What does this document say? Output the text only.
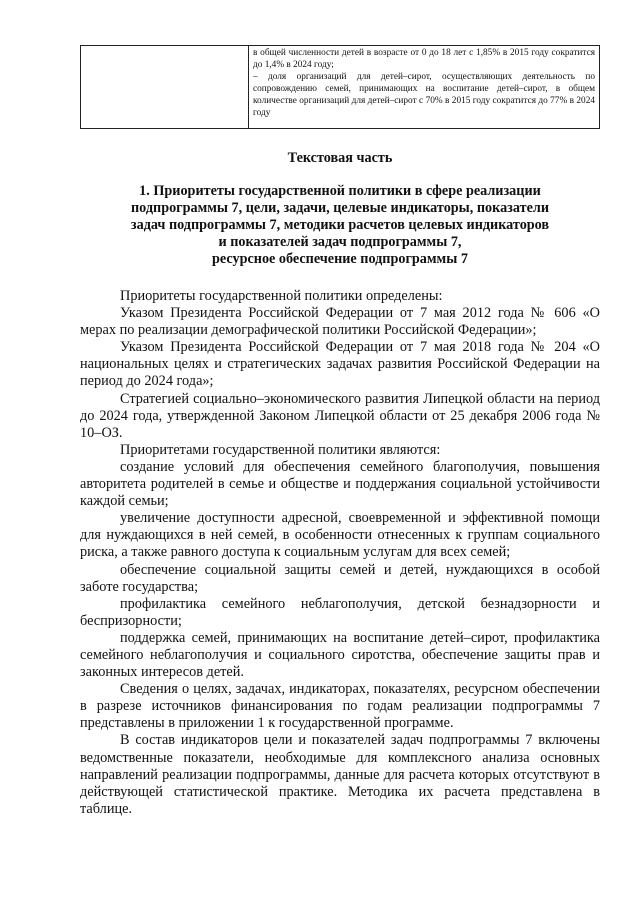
в общей численности детей в возрасте от 0 до 18 лет с 1,85% в 2015 году сократится до 1,4% в 2024 году;
– доля организаций для детей–сирот, осуществляющих деятельность по сопровождению семей, принимающих на воспитание детей–сирот, в общем количестве организаций для детей–сирот с 70% в 2015 году сократится до 77% в 2024 году
Текстовая часть
1. Приоритеты государственной политики в сфере реализации
подпрограммы 7, цели, задачи, целевые индикаторы, показатели
задач подпрограммы 7, методики расчетов целевых индикаторов
и показателей задач подпрограммы 7,
ресурсное обеспечение подпрограммы 7

Приоритеты государственной политики определены:

Указом Президента Российской Федерации от 7 мая 2012 года № 606 «О мерах по реализации демографической политики Российской Федерации»;

Указом Президента Российской Федерации от 7 мая 2018 года № 204 «О национальных целях и стратегических задачах развития Российской Федерации на период до 2024 года»;

Стратегией социально–экономического развития Липецкой области на период до 2024 года, утвержденной Законом Липецкой области от 25 декабря 2006 года № 10–ОЗ.

Приоритетами государственной политики являются:

создание условий для обеспечения семейного благополучия, повышения авторитета родителей в семье и обществе и поддержания социальной устойчивости каждой семьи;

увеличение доступности адресной, своевременной и эффективной помощи для нуждающихся в ней семей, в особенности отнесенных к группам социального риска, а также равного доступа к социальным услугам для всех семей;

обеспечение социальной защиты семей и детей, нуждающихся в особой заботе государства;

профилактика семейного неблагополучия, детской безнадзорности и беспризорности;

поддержка семей, принимающих на воспитание детей–сирот, профилактика семейного неблагополучия и социального сиротства, обеспечение защиты прав и законных интересов детей.

Сведения о целях, задачах, индикаторах, показателях, ресурсном обеспечении в разрезе источников финансирования по годам реализации подпрограммы 7 представлены в приложении 1 к государственной программе.

В состав индикаторов цели и показателей задач подпрограммы 7 включены ведомственные показатели, необходимые для комплексного анализа основных направлений реализации подпрограммы, данные для расчета которых отсутствуют в действующей статистической практике. Методика их расчета представлена в таблице.
